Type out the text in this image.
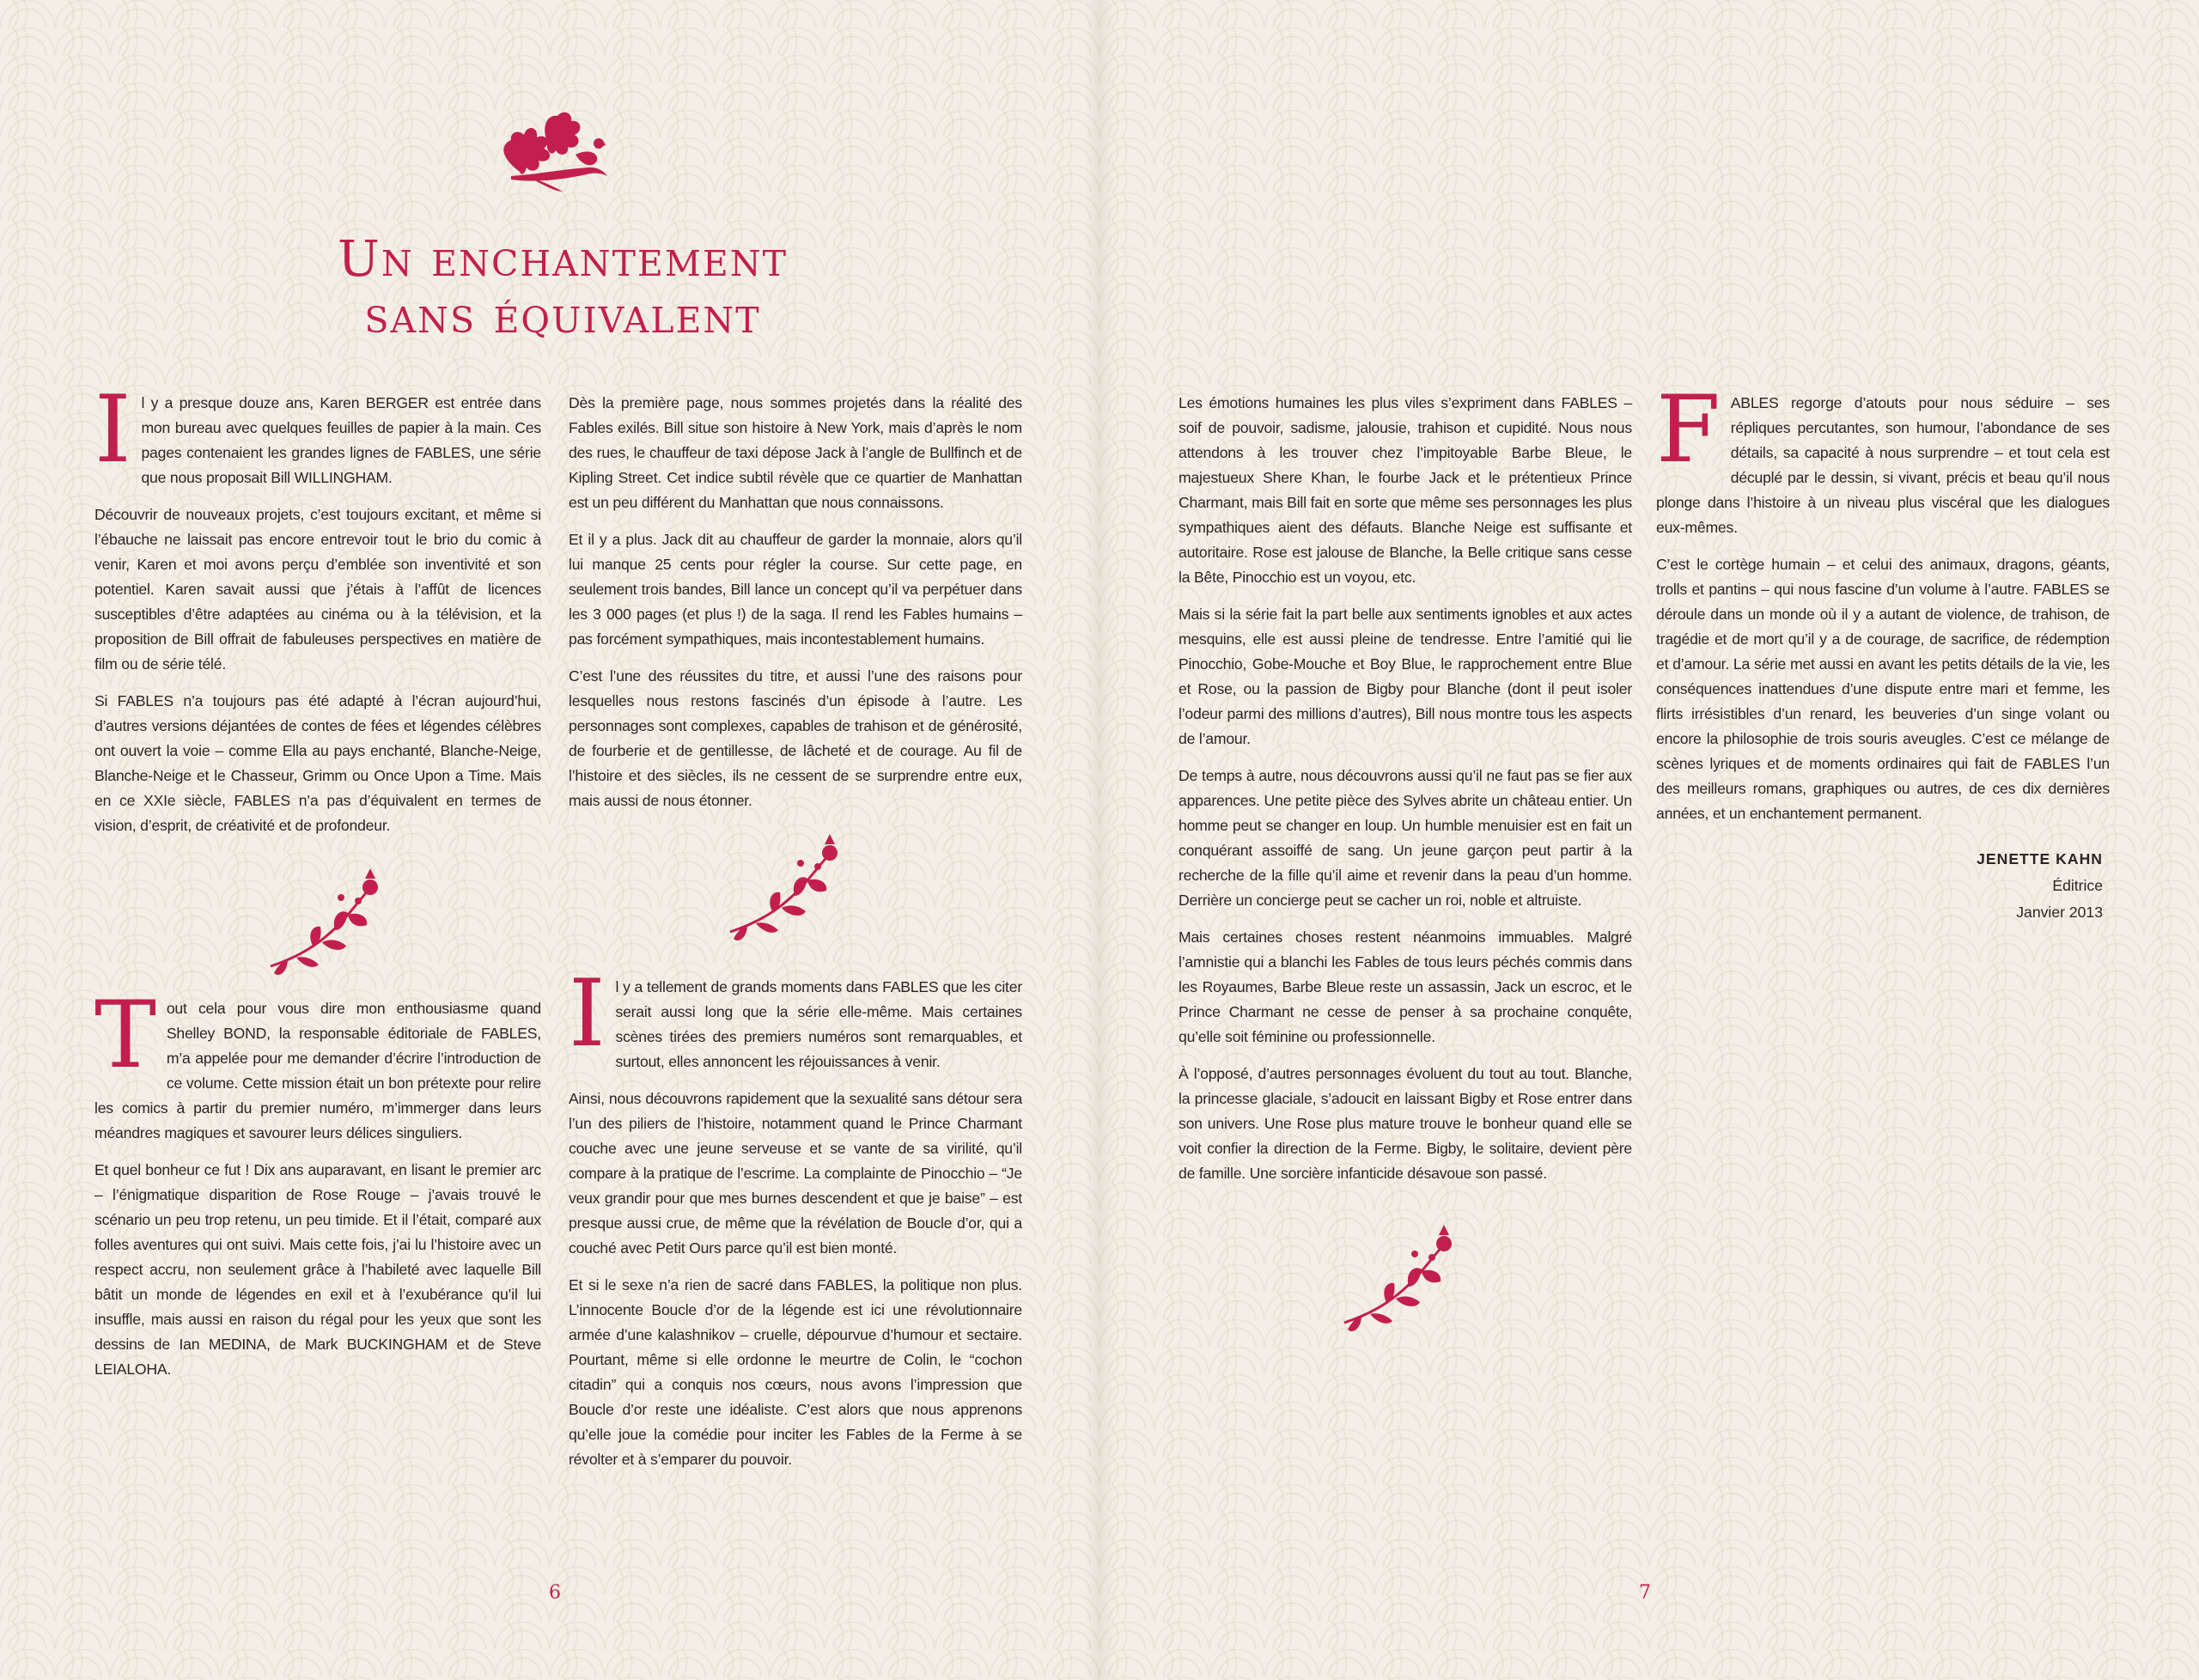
Un enchantement
sans équivalent

Il y a presque douze ans, Karen BERGER est entrée dans mon bureau avec quelques feuilles de papier à la main. Ces pages contenaient les grandes lignes de FABLES, une série que nous proposait Bill WILLINGHAM.

Découvrir de nouveaux projets, c’est toujours excitant, et même si l’ébauche ne laissait pas encore entrevoir tout le brio du comic à venir, Karen et moi avons perçu d’emblée son inventivité et son potentiel. Karen savait aussi que j’étais à l’affût de licences susceptibles d’être adaptées au cinéma ou à la télévision, et la proposition de Bill offrait de fabuleuses perspectives en matière de film ou de série télé.

Si FABLES n’a toujours pas été adapté à l’écran aujourd’hui, d’autres versions déjantées de contes de fées et légendes célèbres ont ouvert la voie – comme Ella au pays enchanté, Blanche-Neige, Blanche-Neige et le Chasseur, Grimm ou Once Upon a Time. Mais en ce XXIe siècle, FABLES n’a pas d’équivalent en termes de vision, d’esprit, de créativité et de profondeur.

Tout cela pour vous dire mon enthousiasme quand Shelley BOND, la responsable éditoriale de FABLES, m’a appelée pour me demander d’écrire l’introduction de ce volume. Cette mission était un bon prétexte pour relire les comics à partir du premier numéro, m’immerger dans leurs méandres magiques et savourer leurs délices singuliers.

Et quel bonheur ce fut ! Dix ans auparavant, en lisant le premier arc – l’énigmatique disparition de Rose Rouge – j’avais trouvé le scénario un peu trop retenu, un peu timide. Et il l’était, comparé aux folles aventures qui ont suivi. Mais cette fois, j’ai lu l’histoire avec un respect accru, non seulement grâce à l’habileté avec laquelle Bill bâtit un monde de légendes en exil et à l’exubérance qu’il lui insuffle, mais aussi en raison du régal pour les yeux que sont les dessins de Ian MEDINA, de Mark BUCKINGHAM et de Steve LEIALOHA.

Dès la première page, nous sommes projetés dans la réalité des Fables exilés. Bill situe son histoire à New York, mais d’après le nom des rues, le chauffeur de taxi dépose Jack à l’angle de Bullfinch et de Kipling Street. Cet indice subtil révèle que ce quartier de Manhattan est un peu différent du Manhattan que nous connaissons.

Et il y a plus. Jack dit au chauffeur de garder la monnaie, alors qu’il lui manque 25 cents pour régler la course. Sur cette page, en seulement trois bandes, Bill lance un concept qu’il va perpétuer dans les 3 000 pages (et plus !) de la saga. Il rend les Fables humains – pas forcément sympathiques, mais incontestablement humains.

C’est l’une des réussites du titre, et aussi l’une des raisons pour lesquelles nous restons fascinés d’un épisode à l’autre. Les personnages sont complexes, capables de trahison et de générosité, de fourberie et de gentillesse, de lâcheté et de courage. Au fil de l’histoire et des siècles, ils ne cessent de se surprendre entre eux, mais aussi de nous étonner.

Il y a tellement de grands moments dans FABLES que les citer serait aussi long que la série elle-même. Mais certaines scènes tirées des premiers numéros sont remarquables, et surtout, elles annoncent les réjouissances à venir.

Ainsi, nous découvrons rapidement que la sexualité sans détour sera l’un des piliers de l’histoire, notamment quand le Prince Charmant couche avec une jeune serveuse et se vante de sa virilité, qu’il compare à la pratique de l’escrime. La complainte de Pinocchio – “Je veux grandir pour que mes burnes descendent et que je baise” – est presque aussi crue, de même que la révélation de Boucle d’or, qui a couché avec Petit Ours parce qu’il est bien monté.

Et si le sexe n’a rien de sacré dans FABLES, la politique non plus. L’innocente Boucle d’or de la légende est ici une révolutionnaire armée d’une kalashnikov – cruelle, dépourvue d’humour et sectaire. Pourtant, même si elle ordonne le meurtre de Colin, le “cochon citadin” qui a conquis nos cœurs, nous avons l’impression que Boucle d’or reste une idéaliste. C’est alors que nous apprenons qu’elle joue la comédie pour inciter les Fables de la Ferme à se révolter et à s’emparer du pouvoir.

Les émotions humaines les plus viles s’expriment dans FABLES – soif de pouvoir, sadisme, jalousie, trahison et cupidité. Nous nous attendons à les trouver chez l’impitoyable Barbe Bleue, le majestueux Shere Khan, le fourbe Jack et le prétentieux Prince Charmant, mais Bill fait en sorte que même ses personnages les plus sympathiques aient des défauts. Blanche Neige est suffisante et autoritaire. Rose est jalouse de Blanche, la Belle critique sans cesse la Bête, Pinocchio est un voyou, etc.

Mais si la série fait la part belle aux sentiments ignobles et aux actes mesquins, elle est aussi pleine de tendresse. Entre l’amitié qui lie Pinocchio, Gobe-Mouche et Boy Blue, le rapprochement entre Blue et Rose, ou la passion de Bigby pour Blanche (dont il peut isoler l’odeur parmi des millions d’autres), Bill nous montre tous les aspects de l’amour.

De temps à autre, nous découvrons aussi qu’il ne faut pas se fier aux apparences. Une petite pièce des Sylves abrite un château entier. Un homme peut se changer en loup. Un humble menuisier est en fait un conquérant assoiffé de sang. Un jeune garçon peut partir à la recherche de la fille qu’il aime et revenir dans la peau d’un homme. Derrière un concierge peut se cacher un roi, noble et altruiste.

Mais certaines choses restent néanmoins immuables. Malgré l’amnistie qui a blanchi les Fables de tous leurs péchés commis dans les Royaumes, Barbe Bleue reste un assassin, Jack un escroc, et le Prince Charmant ne cesse de penser à sa prochaine conquête, qu’elle soit féminine ou professionnelle.

À l’opposé, d’autres personnages évoluent du tout au tout. Blanche, la princesse glaciale, s’adoucit en laissant Bigby et Rose entrer dans son univers. Une Rose plus mature trouve le bonheur quand elle se voit confier la direction de la Ferme. Bigby, le solitaire, devient père de famille. Une sorcière infanticide désavoue son passé.

FABLES regorge d’atouts pour nous séduire – ses répliques percutantes, son humour, l’abondance de ses détails, sa capacité à nous surprendre – et tout cela est décuplé par le dessin, si vivant, précis et beau qu’il nous plonge dans l’histoire à un niveau plus viscéral que les dialogues eux-mêmes.

C’est le cortège humain – et celui des animaux, dragons, géants, trolls et pantins – qui nous fascine d’un volume à l’autre. FABLES se déroule dans un monde où il y a autant de violence, de trahison, de tragédie et de mort qu’il y a de courage, de sacrifice, de rédemption et d’amour. La série met aussi en avant les petits détails de la vie, les conséquences inattendues d’une dispute entre mari et femme, les flirts irrésistibles d’un renard, les beuveries d’un singe volant ou encore la philosophie de trois souris aveugles. C’est ce mélange de scènes lyriques et de moments ordinaires qui fait de FABLES l’un des meilleurs romans, graphiques ou autres, de ces dix dernières années, et un enchantement permanent.

JENETTE KAHN
Éditrice
Janvier 2013
6	7
